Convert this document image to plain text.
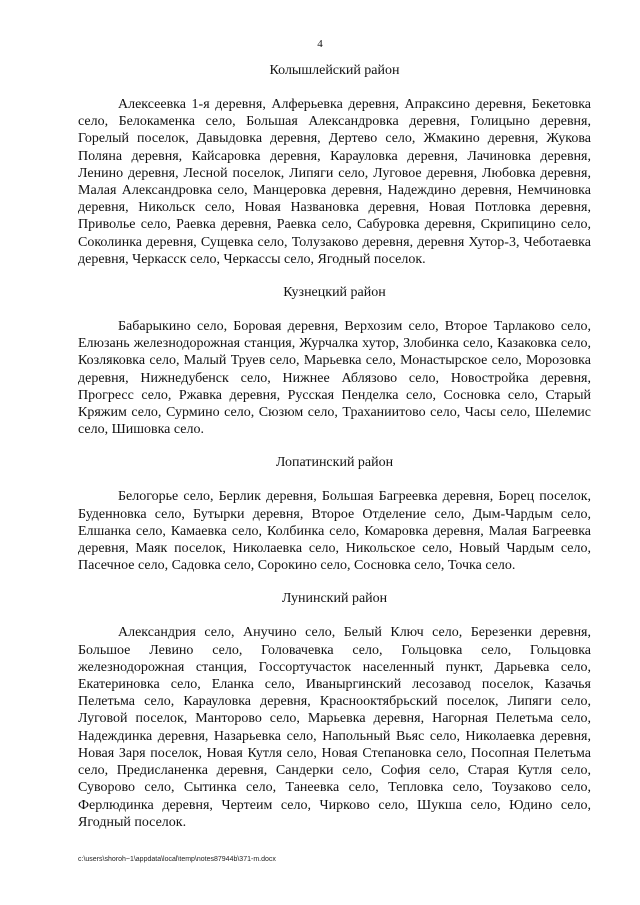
4
Колышлейский район

Алексеевка 1-я деревня, Алферьевка деревня, Апраксино деревня, Бекетовка село, Белокаменка село, Большая Александровка деревня, Голицыно деревня, Горелый поселок, Давыдовка деревня, Дертево село, Жмакино деревня, Жукова Поляна деревня, Кайсаровка деревня, Карауловка деревня, Лачиновка деревня, Ленино деревня, Лесной поселок, Липяги село, Луговое деревня, Любовка деревня, Малая Александровка село, Манцеровка деревня, Надеждино деревня, Немчиновка деревня, Никольск село, Новая Названовка деревня, Новая Потловка деревня, Приволье село, Раевка деревня, Раевка село, Сабуровка деревня, Скрипицино село, Соколинка деревня, Сущевка село, Толузаково деревня, деревня Хутор-3, Чеботаевка деревня, Черкасск село, Черкассы село, Ягодный поселок.

Кузнецкий район

Бабарыкино село, Боровая деревня, Верхозим село, Второе Тарлаково село, Елюзань железнодорожная станция, Журчалка хутор, Злобинка село, Казаковка село, Козляковка село, Малый Труев село, Марьевка село, Монастырское село, Морозовка деревня, Нижнедубенск село, Нижнее Аблязово село, Новостройка деревня, Прогресс село, Ржавка деревня, Русская Пенделка село, Сосновка село, Старый Кряжим село, Сурмино село, Сюзюм село, Траханиитово село, Часы село, Шелемис село, Шишовка село.

Лопатинский район

Белогорье село, Берлик деревня, Большая Багреевка деревня, Борец поселок, Буденновка село, Бутырки деревня, Второе Отделение село, Дым-Чардым село, Елшанка село, Камаевка село, Колбинка село, Комаровка деревня, Малая Багреевка деревня, Маяк поселок, Николаевка село, Никольское село, Новый Чардым село, Пасечное село, Садовка село, Сорокино село, Сосновка село, Точка село.

Лунинский район

Александрия село, Анучино село, Белый Ключ село, Березенки деревня, Большое Левино село, Головачевка село, Гольцовка село, Гольцовка железнодорожная станция, Госсортучасток населенный пункт, Дарьевка село, Екатериновка село, Еланка село, Иваныргинский лесозавод поселок, Казачья Пелетьма село, Карауловка деревня, Краснооктябрьский поселок, Липяги село, Луговой поселок, Манторово село, Марьевка деревня, Нагорная Пелетьма село, Надеждинка деревня, Назарьевка село, Напольный Вьяс село, Николаевка деревня, Новая Заря поселок, Новая Кутля село, Новая Степановка село, Посопная Пелетьма село, Предисланенка деревня, Сандерки село, София село, Старая Кутля село, Суворово село, Сытинка село, Танеевка село, Тепловка село, Тоузаково село, Ферлюдинка деревня, Чертеим село, Чирково село, Шукша село, Юдино село, Ягодный поселок.

c:\users\shoroh~1\appdata\local\temp\notes87944b\371-m.docx
